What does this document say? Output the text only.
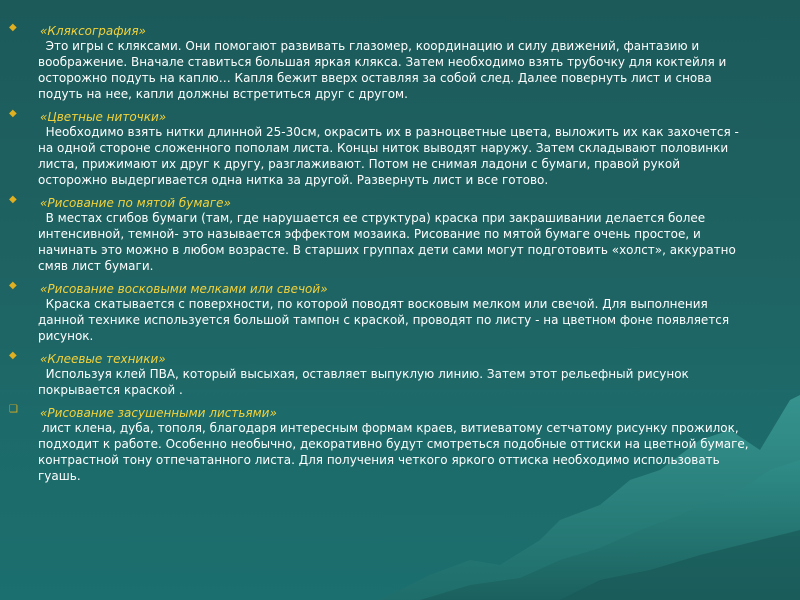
◆ «Кляксография»
Это игры с кляксами. Они помогают развивать глазомер, координацию и силу движений, фантазию и воображение. Вначале ставиться большая яркая клякса. Затем необходимо взять трубочку для коктейля и осторожно подуть на каплю… Капля бежит вверх оставляя за собой след. Далее повернуть лист и снова подуть на нее, капли должны встретиться друг с другом.
◆ «Цветные ниточки»
Необходимо взять нитки длинной 25-30см, окрасить их в разноцветные цвета, выложить их как захочется - на одной стороне сложенного пополам листа. Концы ниток выводят наружу. Затем складывают половинки листа, прижимают их друг к другу, разглаживают. Потом не снимая ладони с бумаги, правой рукой осторожно выдергивается одна нитка за другой. Развернуть лист и все готово.
◆ «Рисование по мятой бумаге»
В местах сгибов бумаги (там, где нарушается ее структура) краска при закрашивании делается более интенсивной, темной- это называется эффектом мозаика. Рисование по мятой бумаге очень простое, и начинать это можно в любом возрасте. В старших группах дети сами могут подготовить «холст», аккуратно смяв лист бумаги.
◆ «Рисование восковыми мелками или свечой»
Краска скатывается с поверхности, по которой поводят восковым мелком или свечой. Для выполнения данной технике используется большой тампон с краской, проводят по листу - на цветном фоне появляется рисунок.
◆ «Клеевые техники»
Используя клей ПВА, который высыхая, оставляет выпуклую линию. Затем этот рельефный рисунок покрывается краской .
❑ «Рисование засушенными листьями»
лист клена, дуба, тополя, благодаря интересным формам краев, витиеватому сетчатому рисунку прожилок, подходит к работе. Особенно необычно, декоративно будут смотреться подобные оттиски на цветной бумаге, контрастной тону отпечатанного листа. Для получения четкого яркого оттиска необходимо использовать гуашь.
